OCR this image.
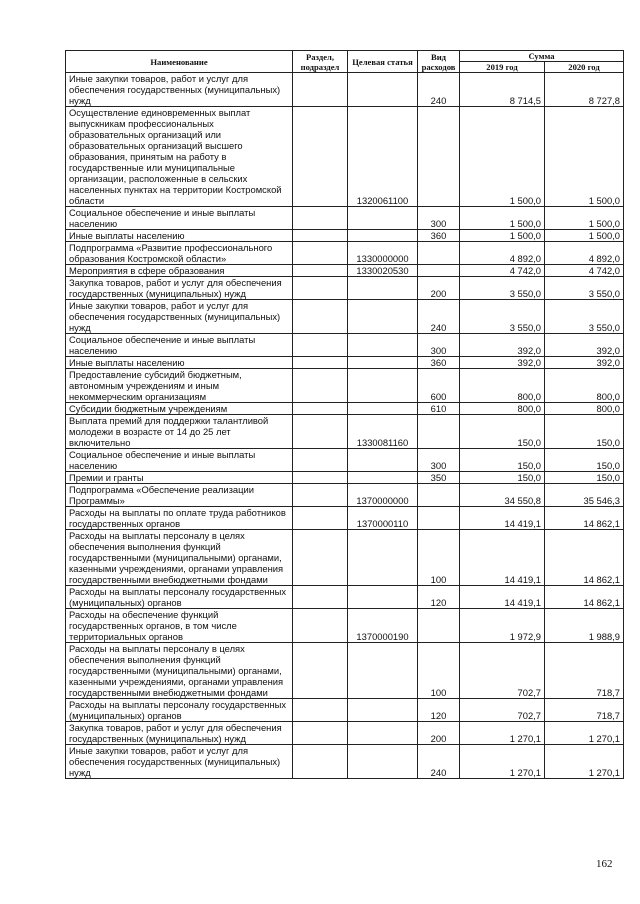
Наименование	Раздел, подраздел	Целевая статья	Вид расходов	Сумма	
				2019 год	2020 год
Иные закупки товаров, работ и услуг для обеспечения государственных (муниципальных) нужд			240	8 714,5	8 727,8
Осуществление единовременных выплат выпускникам профессиональных образовательных организаций или образовательных организаций высшего образования, принятым на работу в государственные или муниципальные организации, расположенные в сельских населенных пунктах на территории Костромской области		1320061100		1 500,0	1 500,0
Социальное обеспечение и иные выплаты населению			300	1 500,0	1 500,0
Иные выплаты населению			360	1 500,0	1 500,0
Подпрограмма «Развитие профессионального образования Костромской области»		1330000000		4 892,0	4 892,0
Мероприятия в сфере образования		1330020530		4 742,0	4 742,0
Закупка товаров, работ и услуг для обеспечения государственных (муниципальных) нужд			200	3 550,0	3 550,0
Иные закупки товаров, работ и услуг для обеспечения государственных (муниципальных) нужд			240	3 550,0	3 550,0
Социальное обеспечение и иные выплаты населению			300	392,0	392,0
Иные выплаты населению			360	392,0	392,0
Предоставление субсидий бюджетным, автономным учреждениям и иным некоммерческим организациям			600	800,0	800,0
Субсидии бюджетным учреждениям			610	800,0	800,0
Выплата премий для поддержки талантливой молодежи в возрасте от 14 до 25 лет включительно		1330081160		150,0	150,0
Социальное обеспечение и иные выплаты населению			300	150,0	150,0
Премии и гранты			350	150,0	150,0
Подпрограмма «Обеспечение реализации Программы»		1370000000		34 550,8	35 546,3
Расходы на выплаты по оплате труда работников государственных органов		1370000110		14 419,1	14 862,1
Расходы на выплаты персоналу в целях обеспечения выполнения функций государственными (муниципальными) органами, казенными учреждениями, органами управления государственными внебюджетными фондами			100	14 419,1	14 862,1
Расходы на выплаты персоналу государственных (муниципальных) органов			120	14 419,1	14 862,1
Расходы на обеспечение функций государственных органов, в том числе территориальных органов		1370000190		1 972,9	1 988,9
Расходы на выплаты персоналу в целях обеспечения выполнения функций государственными (муниципальными) органами, казенными учреждениями, органами управления государственными внебюджетными фондами			100	702,7	718,7
Расходы на выплаты персоналу государственных (муниципальных) органов			120	702,7	718,7
Закупка товаров, работ и услуг для обеспечения государственных (муниципальных) нужд			200	1 270,1	1 270,1
Иные закупки товаров, работ и услуг для обеспечения государственных (муниципальных) нужд			240	1 270,1	1 270,1
162
